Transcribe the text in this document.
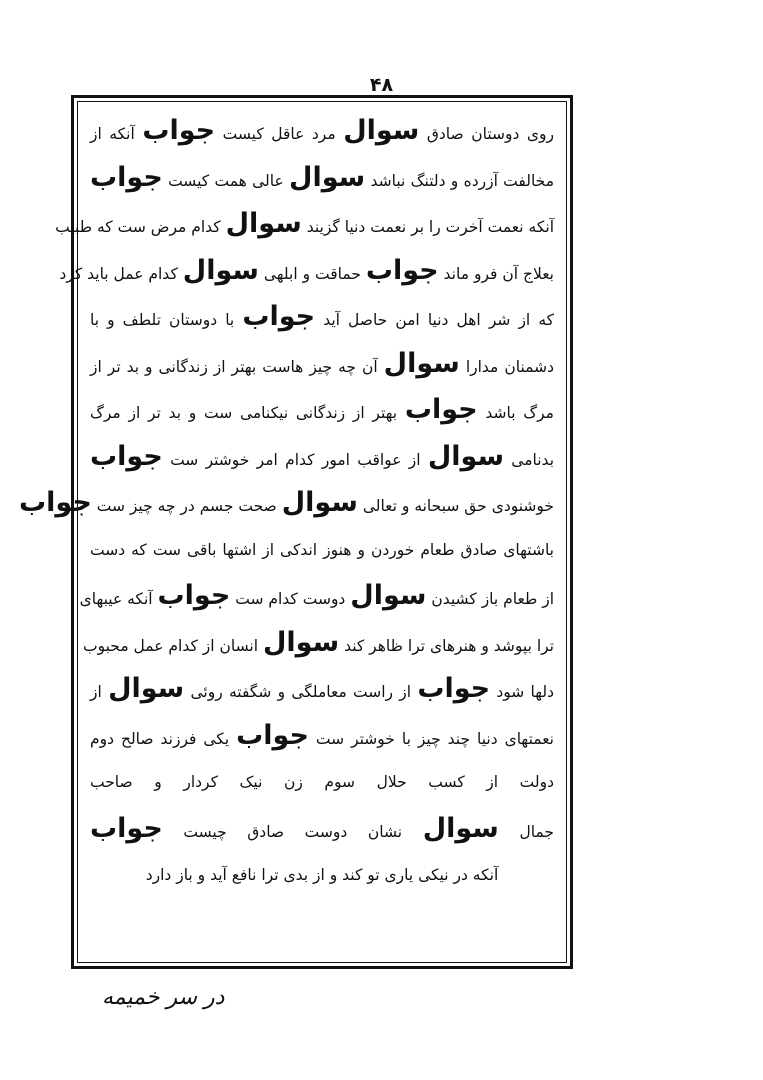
۴۸
روی دوستان صادق سوال مرد عاقل کیست جواب آنکه از
مخالفت آزرده و دلتنگ نباشد سوال عالی همت کیست جواب
آنکه نعمت آخرت را بر نعمت دنیا گزیند سوال کدام مرض ست که طبیب
بعلاج آن فرو ماند جواب حماقت و ابلهی سوال کدام عمل باید کرد
که از شر اهل دنیا امن حاصل آید جواب با دوستان تلطف و با
دشمنان مدارا سوال آن چه چیز هاست بهتر از زندگانی و بد تر از
مرگ باشد جواب بهتر از زندگانی نیکنامی ست و بد تر از مرگ
بدنامی سوال از عواقب امور کدام امر خوشتر ست جواب
خوشنودی حق سبحانه و تعالی سوال صحت جسم در چه چیز ست جواب
باشتهای صادق طعام خوردن و هنوز اندکی از اشتها باقی ست که دست
از طعام باز کشیدن سوال دوست کدام ست جواب آنکه عیبهای
ترا بپوشد و هنرهای ترا ظاهر کند سوال انسان از کدام عمل محبوب
دلها شود جواب از راست معاملگی و شگفته روئی سوال از
نعمتهای دنیا چند چیز با خوشتر ست جواب یکی فرزند صالح دوم
دولت از کسب حلال سوم زن نیک کردار و صاحب
جمال سوال نشان دوست صادق چیست جواب
آنکه در نیکی یاری تو کند و از بدی ترا نافع آید و باز دارد
در سر خمیمه
